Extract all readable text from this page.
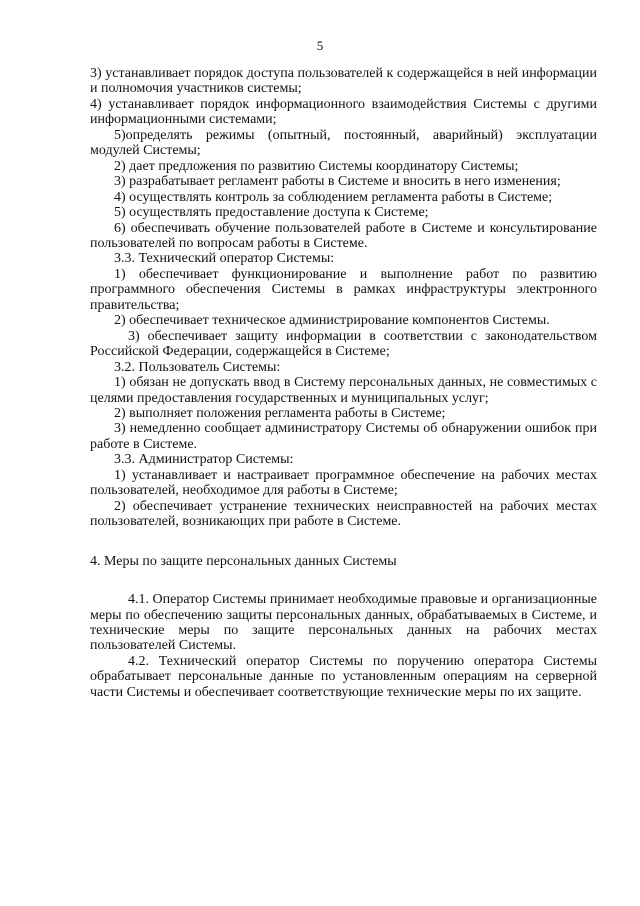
5

3) устанавливает порядок доступа пользователей к содержащейся в ней информации и полномочия участников системы;

4) устанавливает порядок информационного взаимодействия Системы с другими информационными системами;

5)определять режимы (опытный, постоянный, аварийный) эксплуатации модулей Системы;

2) дает предложения по развитию Системы координатору Системы;

3) разрабатывает регламент работы в Системе и вносить в него изменения;

4) осуществлять контроль за соблюдением регламента работы в Системе;

5) осуществлять предоставление доступа к Системе;

6) обеспечивать обучение пользователей работе в Системе и консультирование пользователей по вопросам работы в Системе.

3.3. Технический оператор Системы:

1) обеспечивает функционирование и выполнение работ по развитию программного обеспечения Системы в рамках инфраструктуры электронного правительства;

2) обеспечивает техническое администрирование компонентов Системы.

3) обеспечивает защиту информации в соответствии с законодательством Российской Федерации, содержащейся в Системе;

3.2. Пользователь Системы:

1) обязан не допускать ввод в Систему персональных данных, не совместимых с целями предоставления государственных и муниципальных услуг;

2) выполняет положения регламента работы в Системе;

3) немедленно сообщает администратору Системы об обнаружении ошибок при работе в Системе.

3.3. Администратор Системы:

1) устанавливает и настраивает программное обеспечение на рабочих местах пользователей, необходимое для работы в Системе;

2) обеспечивает устранение технических неисправностей на рабочих местах пользователей, возникающих при работе в Системе.

4. Меры по защите персональных данных Системы

4.1. Оператор Системы принимает необходимые правовые и организационные меры по обеспечению защиты персональных данных, обрабатываемых в Системе, и технические меры по защите персональных данных на рабочих местах пользователей Системы.

4.2. Технический оператор Системы по поручению оператора Системы обрабатывает персональные данные по установленным операциям на серверной части Системы и обеспечивает соответствующие технические меры по их защите.
